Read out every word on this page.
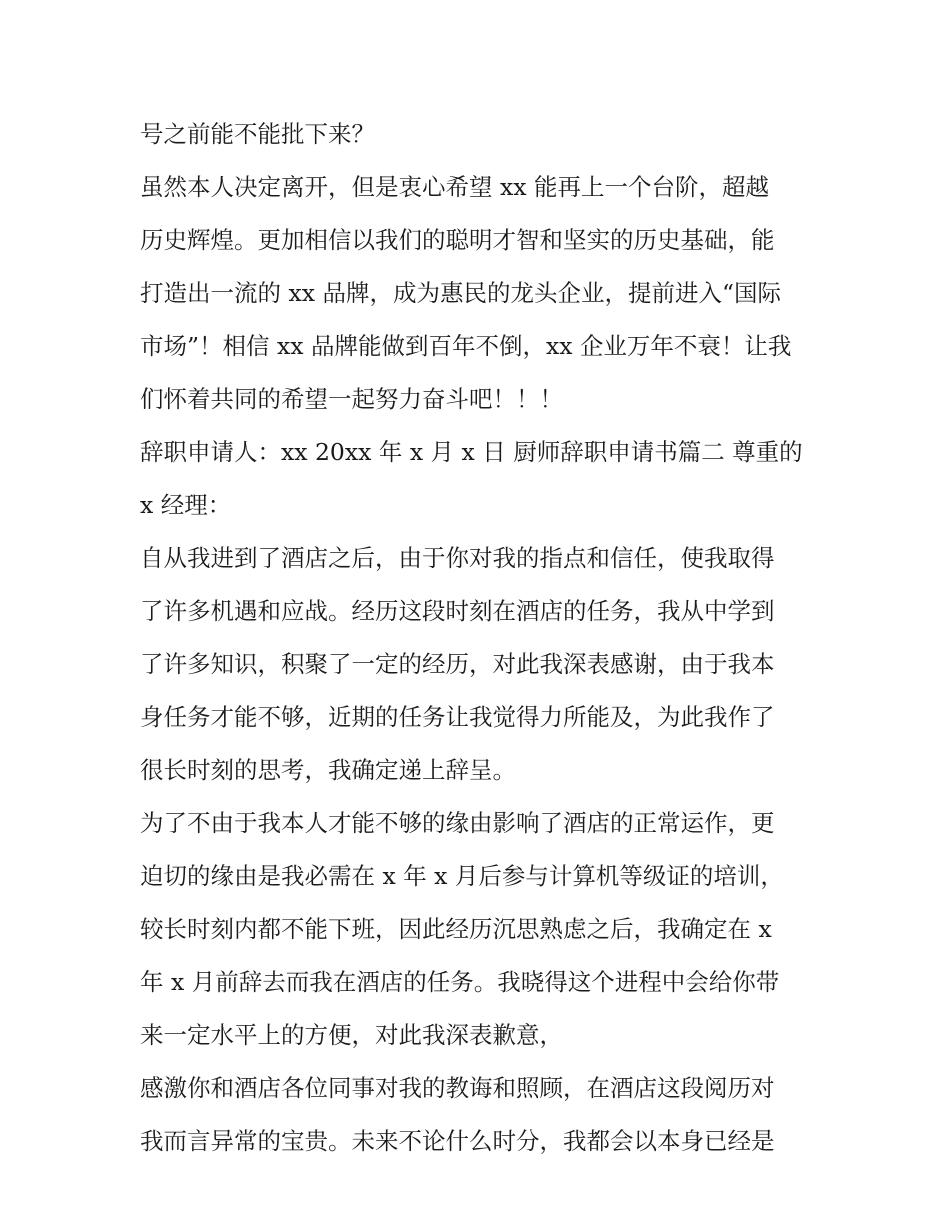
号之前能不能批下来？
虽然本人决定离开，但是衷心希望 xx 能再上一个台阶，超越
历史辉煌。更加相信以我们的聪明才智和坚实的历史基础，能
打造出一流的 xx 品牌，成为惠民的龙头企业，提前进入“国际
市场”！相信 xx 品牌能做到百年不倒，xx 企业万年不衰！让我
们怀着共同的希望一起努力奋斗吧！！！
辞职申请人：xx 20xx 年 x 月 x 日 厨师辞职申请书篇二 尊重的
x 经理：
自从我进到了酒店之后，由于你对我的指点和信任，使我取得
了许多机遇和应战。经历这段时刻在酒店的任务，我从中学到
了许多知识，积聚了一定的经历，对此我深表感谢，由于我本
身任务才能不够，近期的任务让我觉得力所能及，为此我作了
很长时刻的思考，我确定递上辞呈。
为了不由于我本人才能不够的缘由影响了酒店的正常运作，更
迫切的缘由是我必需在 x 年 x 月后参与计算机等级证的培训，
较长时刻内都不能下班，因此经历沉思熟虑之后，我确定在 x
年 x 月前辞去而我在酒店的任务。我晓得这个进程中会给你带
来一定水平上的方便，对此我深表歉意，
感激你和酒店各位同事对我的教诲和照顾，在酒店这段阅历对
我而言异常的宝贵。未来不论什么时分，我都会以本身已经是
